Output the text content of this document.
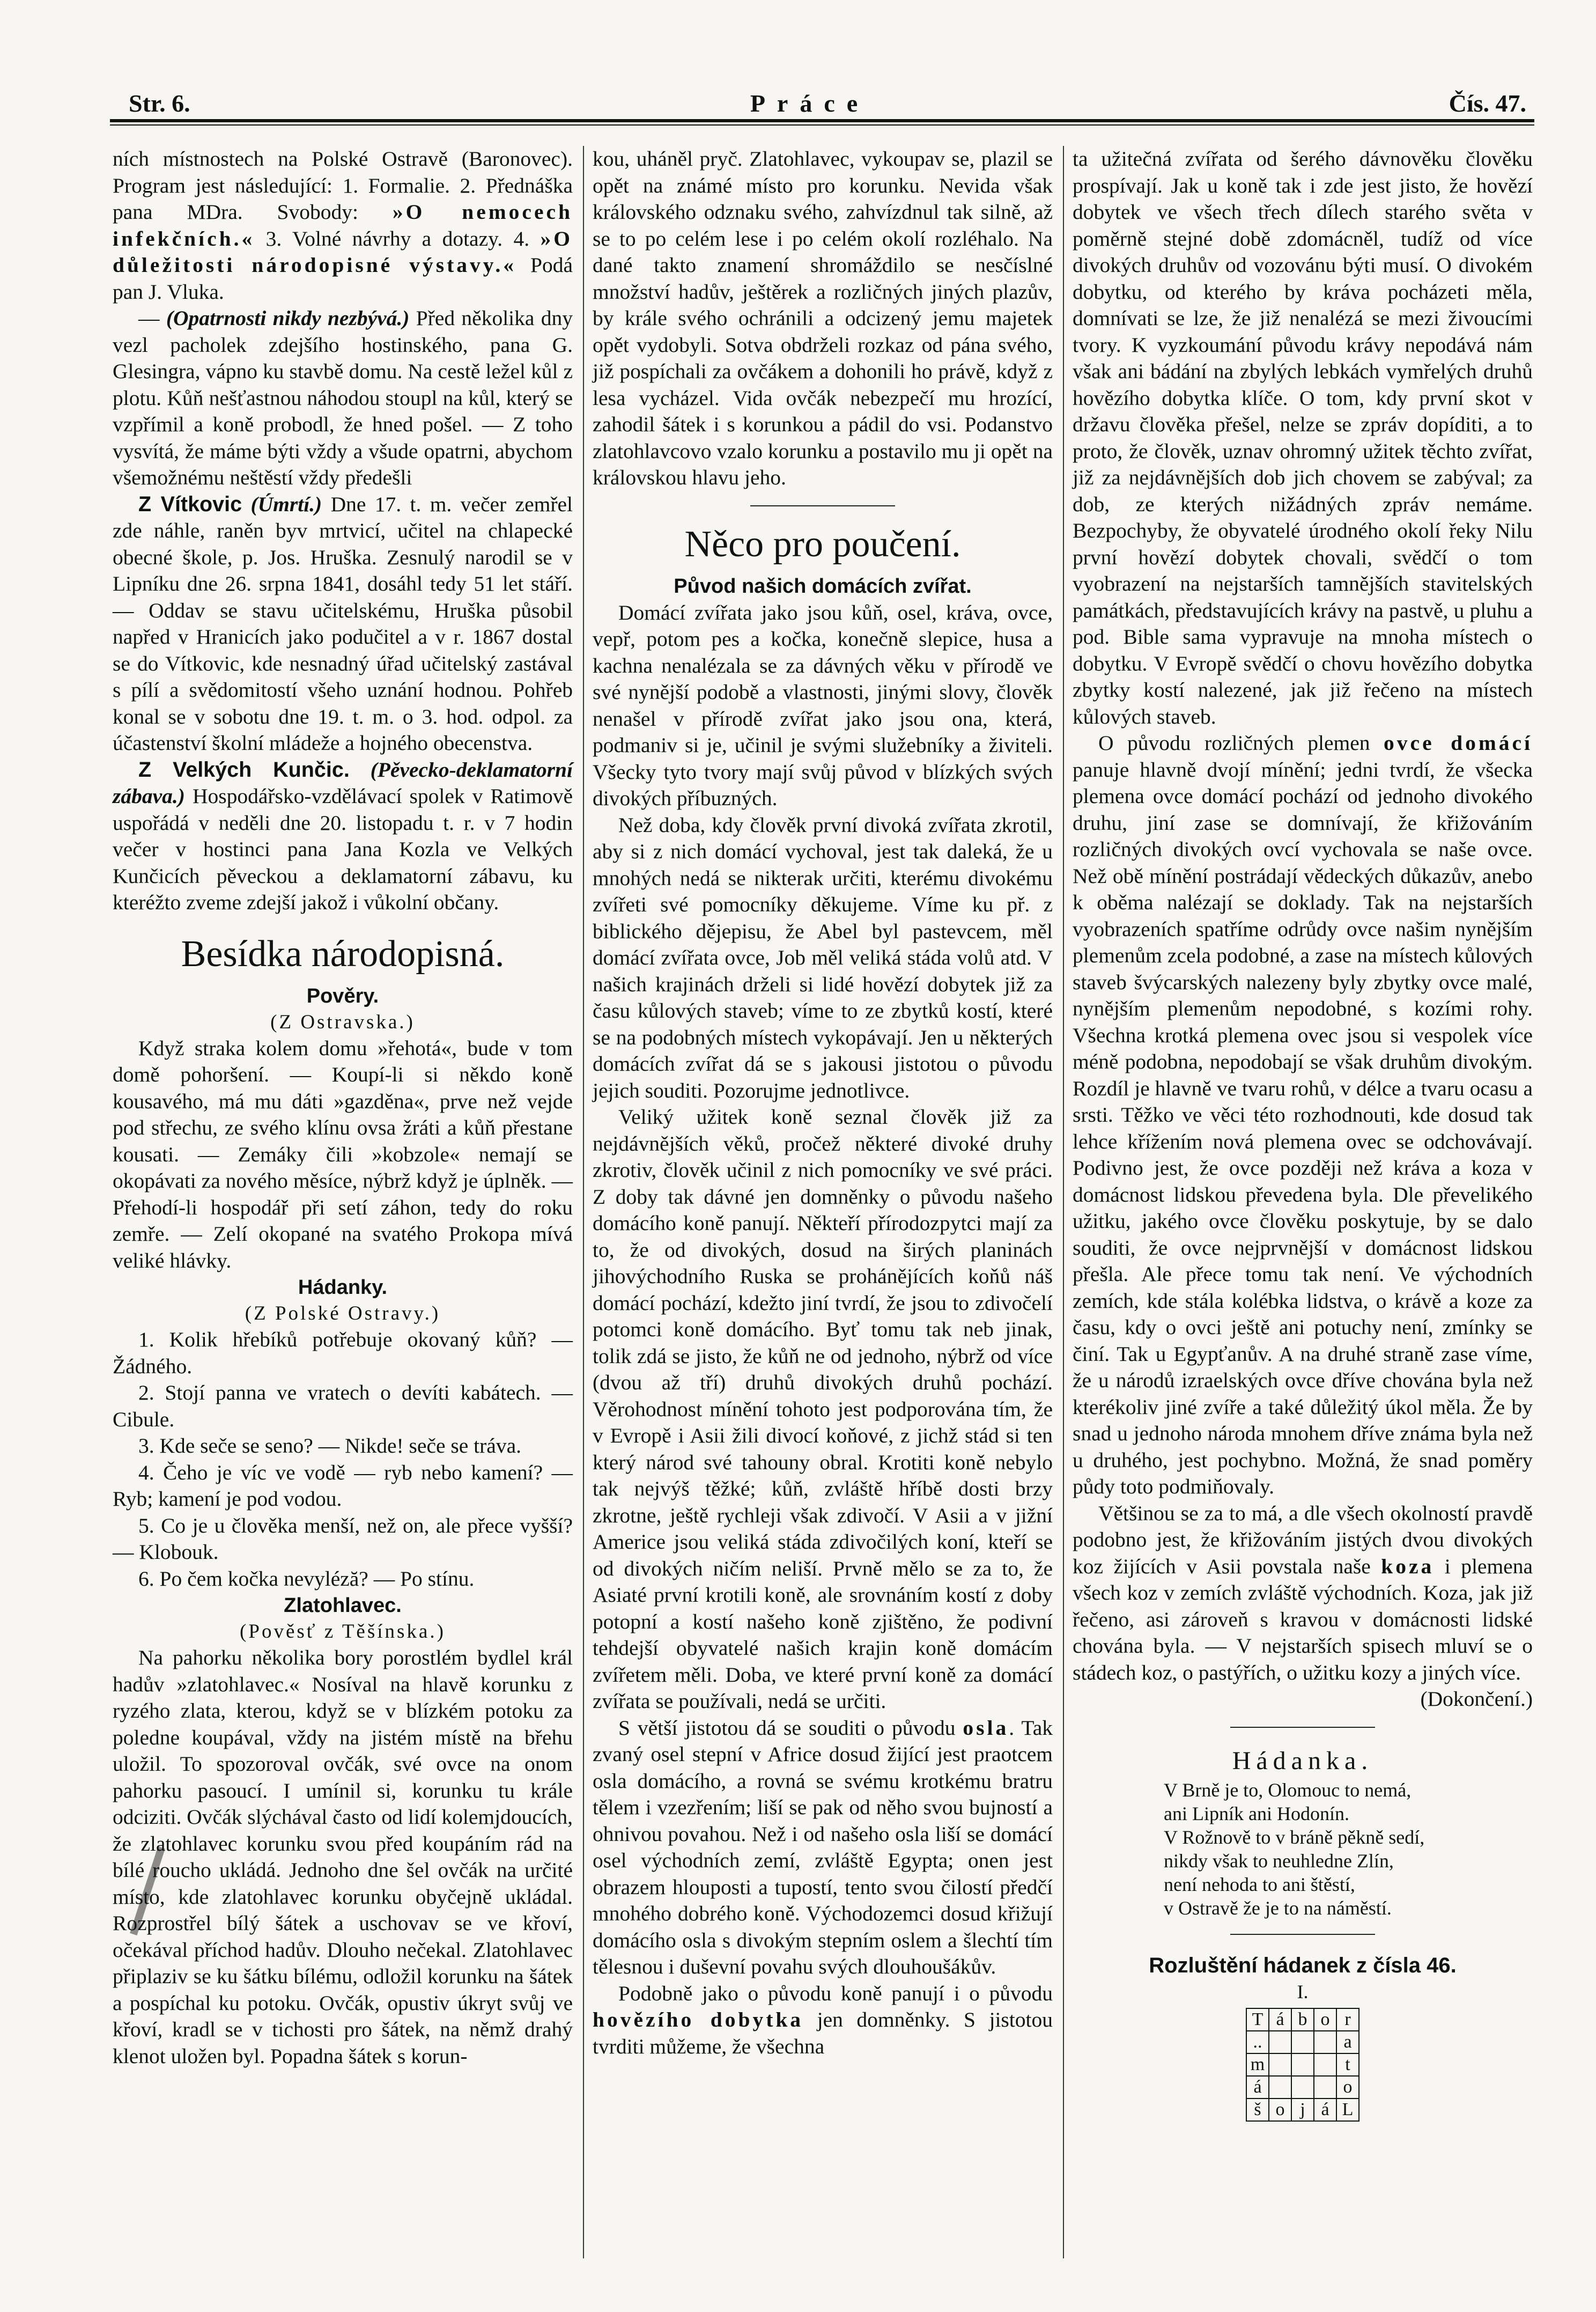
Str. 6.	Práce	Čís. 47.

ních místnostech na Polské Ostravě (Baronovec). Program jest následující: 1. Formalie. 2. Přednáška pana MDra. Svobody: »O nemocech infekčních.« 3. Volné návrhy a dotazy. 4. »O důležitosti národopisné výstavy.« Podá pan J. Vluka.

— (Opatrnosti nikdy nezbývá.) Před několika dny vezl pacholek zdejšího hostinského, pana G. Glesingra, vápno ku stavbě domu. Na cestě ležel kůl z plotu. Kůň nešťastnou náhodou stoupl na kůl, který se vzpřímil a koně probodl, že hned pošel. — Z toho vysvítá, že máme býti vždy a všude opatrni, abychom všemožnému neštěstí vždy předešli

Z Vítkovic (Úmrtí.) Dne 17. t. m. večer zemřel zde náhle, raněn byv mrtvicí, učitel na chlapecké obecné škole, p. Jos. Hruška. Zesnulý narodil se v Lipníku dne 26. srpna 1841, dosáhl tedy 51 let stáří. — Oddav se stavu učitelskému, Hruška působil napřed v Hranicích jako podučitel a v r. 1867 dostal se do Vítkovic, kde nesnadný úřad učitelský zastával s pílí a svědomitostí všeho uznání hodnou. Pohřeb konal se v sobotu dne 19. t. m. o 3. hod. odpol. za účastenství školní mládeže a hojného obecenstva.

Z Velkých Kunčic. (Pěvecko-deklamatorní zábava.) Hospodářsko-vzdělávací spolek v Ratimově uspořádá v neděli dne 20. listopadu t. r. v 7 hodin večer v hostinci pana Jana Kozla ve Velkých Kunčicích pěveckou a deklamatorní zábavu, ku kteréžto zveme zdejší jakož i vůkolní občany.

Besídka národopisná.
Pověry.
(Z Ostravska.)

Když straka kolem domu »řehotá«, bude v tom domě pohoršení. — Koupí-li si někdo koně kousavého, má mu dáti »gazděna«, prve než vejde pod střechu, ze svého klínu ovsa žráti a kůň přestane kousati. — Zemáky čili »kobzole« nemají se okopávati za nového měsíce, nýbrž když je úplněk. — Přehodí-li hospodář při setí záhon, tedy do roku zemře. — Zelí okopané na svatého Prokopa mívá veliké hlávky.

Hádanky.
(Z Polské Ostravy.)

1. Kolik hřebíků potřebuje okovaný kůň? — Žádného.

2. Stojí panna ve vratech o devíti kabátech. — Cibule.

3. Kde seče se seno? — Nikde! seče se tráva.

4. Čeho je víc ve vodě — ryb nebo kamení? — Ryb; kamení je pod vodou.

5. Co je u člověka menší, než on, ale přece vyšší? — Klobouk.

6. Po čem kočka nevyléză? — Po stínu.

Zlatohlavec.
(Pověsť z Těšínska.)

Na pahorku několika bory porostlém bydlel král hadův »zlatohlavec.« Nosíval na hlavě korunku z ryzého zlata, kterou, když se v blízkém potoku za poledne koupával, vždy na jistém místě na břehu uložil. To spozoroval ovčák, své ovce na onom pahorku pasoucí. I umínil si, korunku tu krále odciziti. Ovčák slýchával často od lidí kolemjdoucích, že zlatohlavec korunku svou před koupáním rád na bílé roucho ukládá. Jednoho dne šel ovčák na určité místo, kde zlatohlavec korunku obyčejně ukládal. Rozprostřel bílý šátek a uschovav se ve křoví, očekával příchod hadův. Dlouho nečekal. Zlatohlavec připlaziv se ku šátku bílému, odložil korunku na šátek a pospíchal ku potoku. Ovčák, opustiv úkryt svůj ve křoví, kradl se v tichosti pro šátek, na němž drahý klenot uložen byl. Popadna šátek s korun-

kou, uháněl pryč. Zlatohlavec, vykoupav se, plazil se opět na známé místo pro korunku. Nevida však královského odznaku svého, zahvízdnul tak silně, až se to po celém lese i po celém okolí rozléhalo. Na dané takto znamení shromáždilo se nesčíslné množství hadův, ještěrek a rozličných jiných plazův, by krále svého ochránili a odcizený jemu majetek opět vydobyli. Sotva obdrželi rozkaz od pána svého, již pospíchali za ovčákem a dohonili ho právě, když z lesa vycházel. Vida ovčák nebezpečí mu hrozící, zahodil šátek i s korunkou a pádil do vsi. Podanstvo zlatohlavcovo vzalo korunku a postavilo mu ji opět na královskou hlavu jeho.

Něco pro poučení.
Původ našich domácích zvířat.

Domácí zvířata jako jsou kůň, osel, kráva, ovce, vepř, potom pes a kočka, konečně slepice, husa a kachna nenalézala se za dávných věku v přírodě ve své nynější podobě a vlastnosti, jinými slovy, člověk nenašel v přírodě zvířat jako jsou ona, která, podmaniv si je, učinil je svými služebníky a živiteli. Všecky tyto tvory mají svůj původ v blízkých svých divokých příbuzných.

Než doba, kdy člověk první divoká zvířata zkrotil, aby si z nich domácí vychoval, jest tak daleká, že u mnohých nedá se nikterak určiti, kterému divokému zvířeti své pomocníky děkujeme. Víme ku př. z biblického dějepisu, že Abel byl pastevcem, měl domácí zvířata ovce, Job měl veliká stáda volů atd. V našich krajinách drželi si lidé hovězí dobytek již za času kůlových staveb; víme to ze zbytků kostí, které se na podobných místech vykopávají. Jen u některých domácích zvířat dá se s jakousi jistotou o původu jejich souditi. Pozorujme jednotlivce.

Veliký užitek koně seznal člověk již za nejdávnějších věků, pročež některé divoké druhy zkrotiv, člověk učinil z nich pomocníky ve své práci. Z doby tak dávné jen domněnky o původu našeho domácího koně panují. Někteří přírodozpytci mají za to, že od divokých, dosud na širých planinách jihovýchodního Ruska se prohánějících koňů náš domácí pochází, kdežto jiní tvrdí, že jsou to zdivočelí potomci koně domácího. Byť tomu tak neb jinak, tolik zdá se jisto, že kůň ne od jednoho, nýbrž od více (dvou až tří) druhů divokých druhů pochází. Věrohodnost mínění tohoto jest podporována tím, že v Evropě i Asii žili divocí koňové, z jichž stád si ten který národ své tahouny obral. Krotiti koně nebylo tak nejvýš těžké; kůň, zvláště hříbě dosti brzy zkrotne, ještě rychleji však zdivočí. V Asii a v jižní Americe jsou veliká stáda zdivočilých koní, kteří se od divokých ničím neliší. Prvně mělo se za to, že Asiaté první krotili koně, ale srovnáním kostí z doby potopní a kostí našeho koně zjištěno, že podivní tehdejší obyvatelé našich krajin koně domácím zvířetem měli. Doba, ve které první koně za domácí zvířata se používali, nedá se určiti.

S větší jistotou dá se souditi o původu osla. Tak zvaný osel stepní v Africe dosud žijící jest praotcem osla domácího, a rovná se svému krotkému bratru tělem i vzezřením; liší se pak od něho svou bujností a ohnivou povahou. Než i od našeho osla liší se domácí osel východních zemí, zvláště Egypta; onen jest obrazem hlouposti a tupostí, tento svou čilostí předčí mnohého dobrého koně. Východozemci dosud křižují domácího osla s divokým stepním oslem a šlechtí tím tělesnou i duševní povahu svých dlouhoušákův.

Podobně jako o původu koně panují i o původu hovězího dobytka jen domněnky. S jistotou tvrditi můžeme, že všechna

ta užitečná zvířata od šerého dávnověku člověku prospívají. Jak u koně tak i zde jest jisto, že hovězí dobytek ve všech třech dílech starého světa v poměrně stejné době zdomácněl, tudíž od více divokých druhův od vozovánu býti musí. O divokém dobytku, od kterého by kráva pocházeti měla, domnívati se lze, že již nenalézá se mezi živoucími tvory. K vyzkoumání původu krávy nepodává nám však ani bádání na zbylých lebkách vymřelých druhů hovězího dobytka klíče. O tom, kdy první skot v državu člověka přešel, nelze se zpráv dopíditi, a to proto, že člověk, uznav ohromný užitek těchto zvířat, již za nejdávnějších dob jich chovem se zabýval; za dob, ze kterých nižádných zpráv nemáme. Bezpochyby, že obyvatelé úrodného okolí řeky Nilu první hovězí dobytek chovali, svědčí o tom vyobrazení na nejstarších tamnějších stavitelských památkách, představujících krávy na pastvě, u pluhu a pod. Bible sama vypravuje na mnoha místech o dobytku. V Evropě svědčí o chovu hovězího dobytka zbytky kostí nalezené, jak již řečeno na místech kůlových staveb.

O původu rozličných plemen ovce domácí panuje hlavně dvojí mínění; jedni tvrdí, že všecka plemena ovce domácí pochází od jednoho divokého druhu, jiní zase se domnívají, že křižováním rozličných divokých ovcí vychovala se naše ovce. Než obě mínění postrádají vědeckých důkazův, anebo k oběma nalézají se doklady. Tak na nejstarších vyobrazeních spatříme odrůdy ovce našim nynějším plemenům zcela podobné, a zase na místech kůlových staveb švýcarských nalezeny byly zbytky ovce malé, nynějším plemenům nepodobné, s kozími rohy. Všechna krotká plemena ovec jsou si vespolek více méně podobna, nepodobají se však druhům divokým. Rozdíl je hlavně ve tvaru rohů, v délce a tvaru ocasu a srsti. Těžko ve věci této rozhodnouti, kde dosud tak lehce křížením nová plemena ovec se odchovávají. Podivno jest, že ovce později než kráva a koza v domácnost lidskou převedena byla. Dle převelikého užitku, jakého ovce člověku poskytuje, by se dalo souditi, že ovce nejprvnější v domácnost lidskou přešla. Ale přece tomu tak není. Ve východních zemích, kde stála kolébka lidstva, o krávě a koze za času, kdy o ovci ještě ani potuchy není, zmínky se činí. Tak u Egypťanův. A na druhé straně zase víme, že u národů izraelských ovce dříve chována byla než kterékoliv jiné zvíře a také důležitý úkol měla. Že by snad u jednoho národa mnohem dříve známa byla než u druhého, jest pochybno. Možná, že snad poměry půdy toto podmiňovaly.

Většinou se za to má, a dle všech okolností pravdě podobno jest, že křižováním jistých dvou divokých koz žijících v Asii povstala naše koza i plemena všech koz v zemích zvláště východních. Koza, jak již řečeno, asi zároveň s kravou v domácnosti lidské chována byla. — V nejstarších spisech mluví se o stádech koz, o pastýřích, o užitku kozy a jiných více.

(Dokončení.)

Hádanka.
V Brně je to, Olomouc to nemá,
ani Lipník ani Hodonín.
V Rožnově to v bráně pěkně sedí,
nikdy však to neuhledne Zlín,
není nehoda to ani štěstí,
v Ostravě že je to na náměstí.
Rozluštění hádanek z čísla 46.
I.
T	á	b	o	r
..				a
m				t
á				o
š	o	j	á	L
